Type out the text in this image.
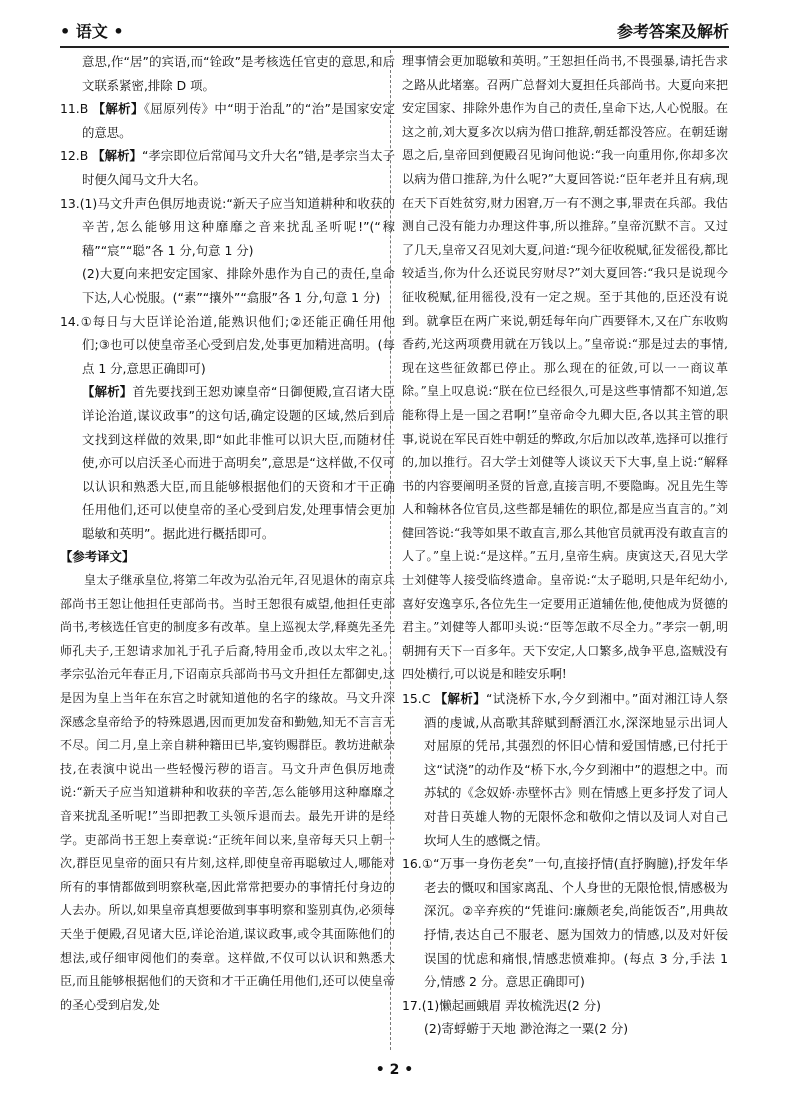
• 语文 •	参考答案及解析

意思,作“居”的宾语,而“铨政”是考核选任官吏的意思,和后文联系紧密,排除 D 项。

11.B 【解析】《屈原列传》中“明于治乱”的“治”是国家安定的意思。

12.B 【解析】“孝宗即位后常闻马文升大名”错,是孝宗当太子时便久闻马文升大名。

13.(1)马文升声色俱厉地责说:“新天子应当知道耕种和收获的辛苦,怎么能够用这种靡靡之音来扰乱圣听呢!”(“稼穑”“宸”“聪”各 1 分,句意 1 分)

(2)大夏向来把安定国家、排除外患作为自己的责任,皇命下达,人心悦服。(“素”“攘外”“翕服”各 1 分,句意 1 分)

14.①每日与大臣详论治道,能熟识他们;②还能正确任用他们;③也可以使皇帝圣心受到启发,处事更加精进高明。(每点 1 分,意思正确即可)

【解析】首先要找到王恕劝谏皇帝“日御便殿,宣召诸大臣详论治道,谋议政事”的这句话,确定设题的区域,然后到后文找到这样做的效果,即“如此非惟可以识大臣,而随材任使,亦可以启沃圣心而进于高明矣”,意思是“这样做,不仅可以认识和熟悉大臣,而且能够根据他们的天资和才干正确任用他们,还可以使皇帝的圣心受到启发,处理事情会更加聪敏和英明”。据此进行概括即可。

【参考译文】

皇太子继承皇位,将第二年改为弘治元年,召见退休的南京兵部尚书王恕让他担任吏部尚书。当时王恕很有威望,他担任吏部尚书,考核选任官吏的制度多有改革。皇上巡视太学,释奠先圣先师孔夫子,王恕请求加礼于孔子后裔,特用金币,改以太牢之礼。孝宗弘治元年春正月,下诏南京兵部尚书马文升担任左都御史,这是因为皇上当年在东宫之时就知道他的名字的缘故。马文升深深感念皇帝给予的特殊恩遇,因而更加发奋和勤勉,知无不言言无不尽。闰二月,皇上亲自耕种籍田已毕,宴钧赐群臣。教坊进献杂技,在表演中说出一些轻慢污秽的语言。马文升声色俱厉地责说:“新天子应当知道耕种和收获的辛苦,怎么能够用这种靡靡之音来扰乱圣听呢!”当即把教工头领斥退而去。最先开讲的是经学。吏部尚书王恕上奏章说:“正统年间以来,皇帝每天只上朝一次,群臣见皇帝的面只有片刻,这样,即使皇帝再聪敏过人,哪能对所有的事情都做到明察秋毫,因此常常把要办的事情托付身边的人去办。所以,如果皇帝真想要做到事事明察和鉴别真伪,必须每天坐于便殿,召见诸大臣,详论治道,谋议政事,或令其面陈他们的想法,或仔细审阅他们的奏章。这样做,不仅可以认识和熟悉大臣,而且能够根据他们的天资和才干正确任用他们,还可以使皇帝的圣心受到启发,处

理事情会更加聪敏和英明。”王恕担任尚书,不畏强暴,请托告求之路从此堵塞。召两广总督刘大夏担任兵部尚书。大夏向来把安定国家、排除外患作为自己的责任,皇命下达,人心悦服。在这之前,刘大夏多次以病为借口推辞,朝廷都没答应。在朝廷谢恩之后,皇帝回到便殿召见询问他说:“我一向重用你,你却多次以病为借口推辞,为什么呢?”大夏回答说:“臣年老并且有病,现在天下百姓贫穷,财力困窘,万一有不测之事,罪责在兵部。我估测自己没有能力办理这件事,所以推辞。”皇帝沉默不言。又过了几天,皇帝又召见刘大夏,问道:“现今征收税赋,征发徭役,都比较适当,你为什么还说民穷财尽?”刘大夏回答:“我只是说现今征收税赋,征用徭役,没有一定之规。至于其他的,臣还没有说到。就拿臣在两广来说,朝廷每年向广西要铎木,又在广东收购香药,光这两项费用就在万钱以上。”皇帝说:“那是过去的事情,现在这些征敛都已停止。那么现在的征敛,可以一一商议革除。”皇上叹息说:“朕在位已经很久,可是这些事情都不知道,怎能称得上是一国之君啊!”皇帝命令九卿大臣,各以其主管的职事,说说在军民百姓中朝廷的弊政,尔后加以改革,选择可以推行的,加以推行。召大学士刘健等人谈议天下大事,皇上说:“解释书的内容要阐明圣贤的旨意,直接言明,不要隐晦。况且先生等人和翰林各位官员,这些都是辅佐的职位,都是应当直言的。”刘健回答说:“我等如果不敢直言,那么其他官员就再没有敢直言的人了。”皇上说:“是这样。”五月,皇帝生病。庚寅这天,召见大学士刘健等人接受临终遗命。皇帝说:“太子聪明,只是年纪幼小,喜好安逸享乐,各位先生一定要用正道辅佐他,使他成为贤德的君主。”刘健等人都叩头说:“臣等怎敢不尽全力。”孝宗一朝,明朝拥有天下一百多年。天下安定,人口繁多,战争平息,盗贼没有四处横行,可以说是和睦安乐啊!

15.C 【解析】“试浇桥下水,今夕到湘中。”面对湘江诗人祭酒的虔诚,从高歌其辞赋到酹酒江水,深深地显示出词人对屈原的凭吊,其强烈的怀旧心情和爱国情感,已付托于这“试浇”的动作及“桥下水,今夕到湘中”的遐想之中。而苏轼的《念奴娇·赤壁怀古》则在情感上更多抒发了词人对昔日英雄人物的无限怀念和敬仰之情以及词人对自己坎坷人生的感慨之情。

16.①“万事一身伤老矣”一句,直接抒情(直抒胸臆),抒发年华老去的慨叹和国家离乱、个人身世的无限怆恨,情感极为深沉。②辛弃疾的“凭谁问:廉颇老矣,尚能饭否”,用典故抒情,表达自己不服老、愿为国效力的情感,以及对奸佞误国的忧虑和痛恨,情感悲愤难抑。(每点 3 分,手法 1 分,情感 2 分。意思正确即可)

17.(1)懒起画蛾眉 弄妆梳洗迟(2 分)

(2)寄蜉蝣于天地 渺沧海之一粟(2 分)

• 2 •
